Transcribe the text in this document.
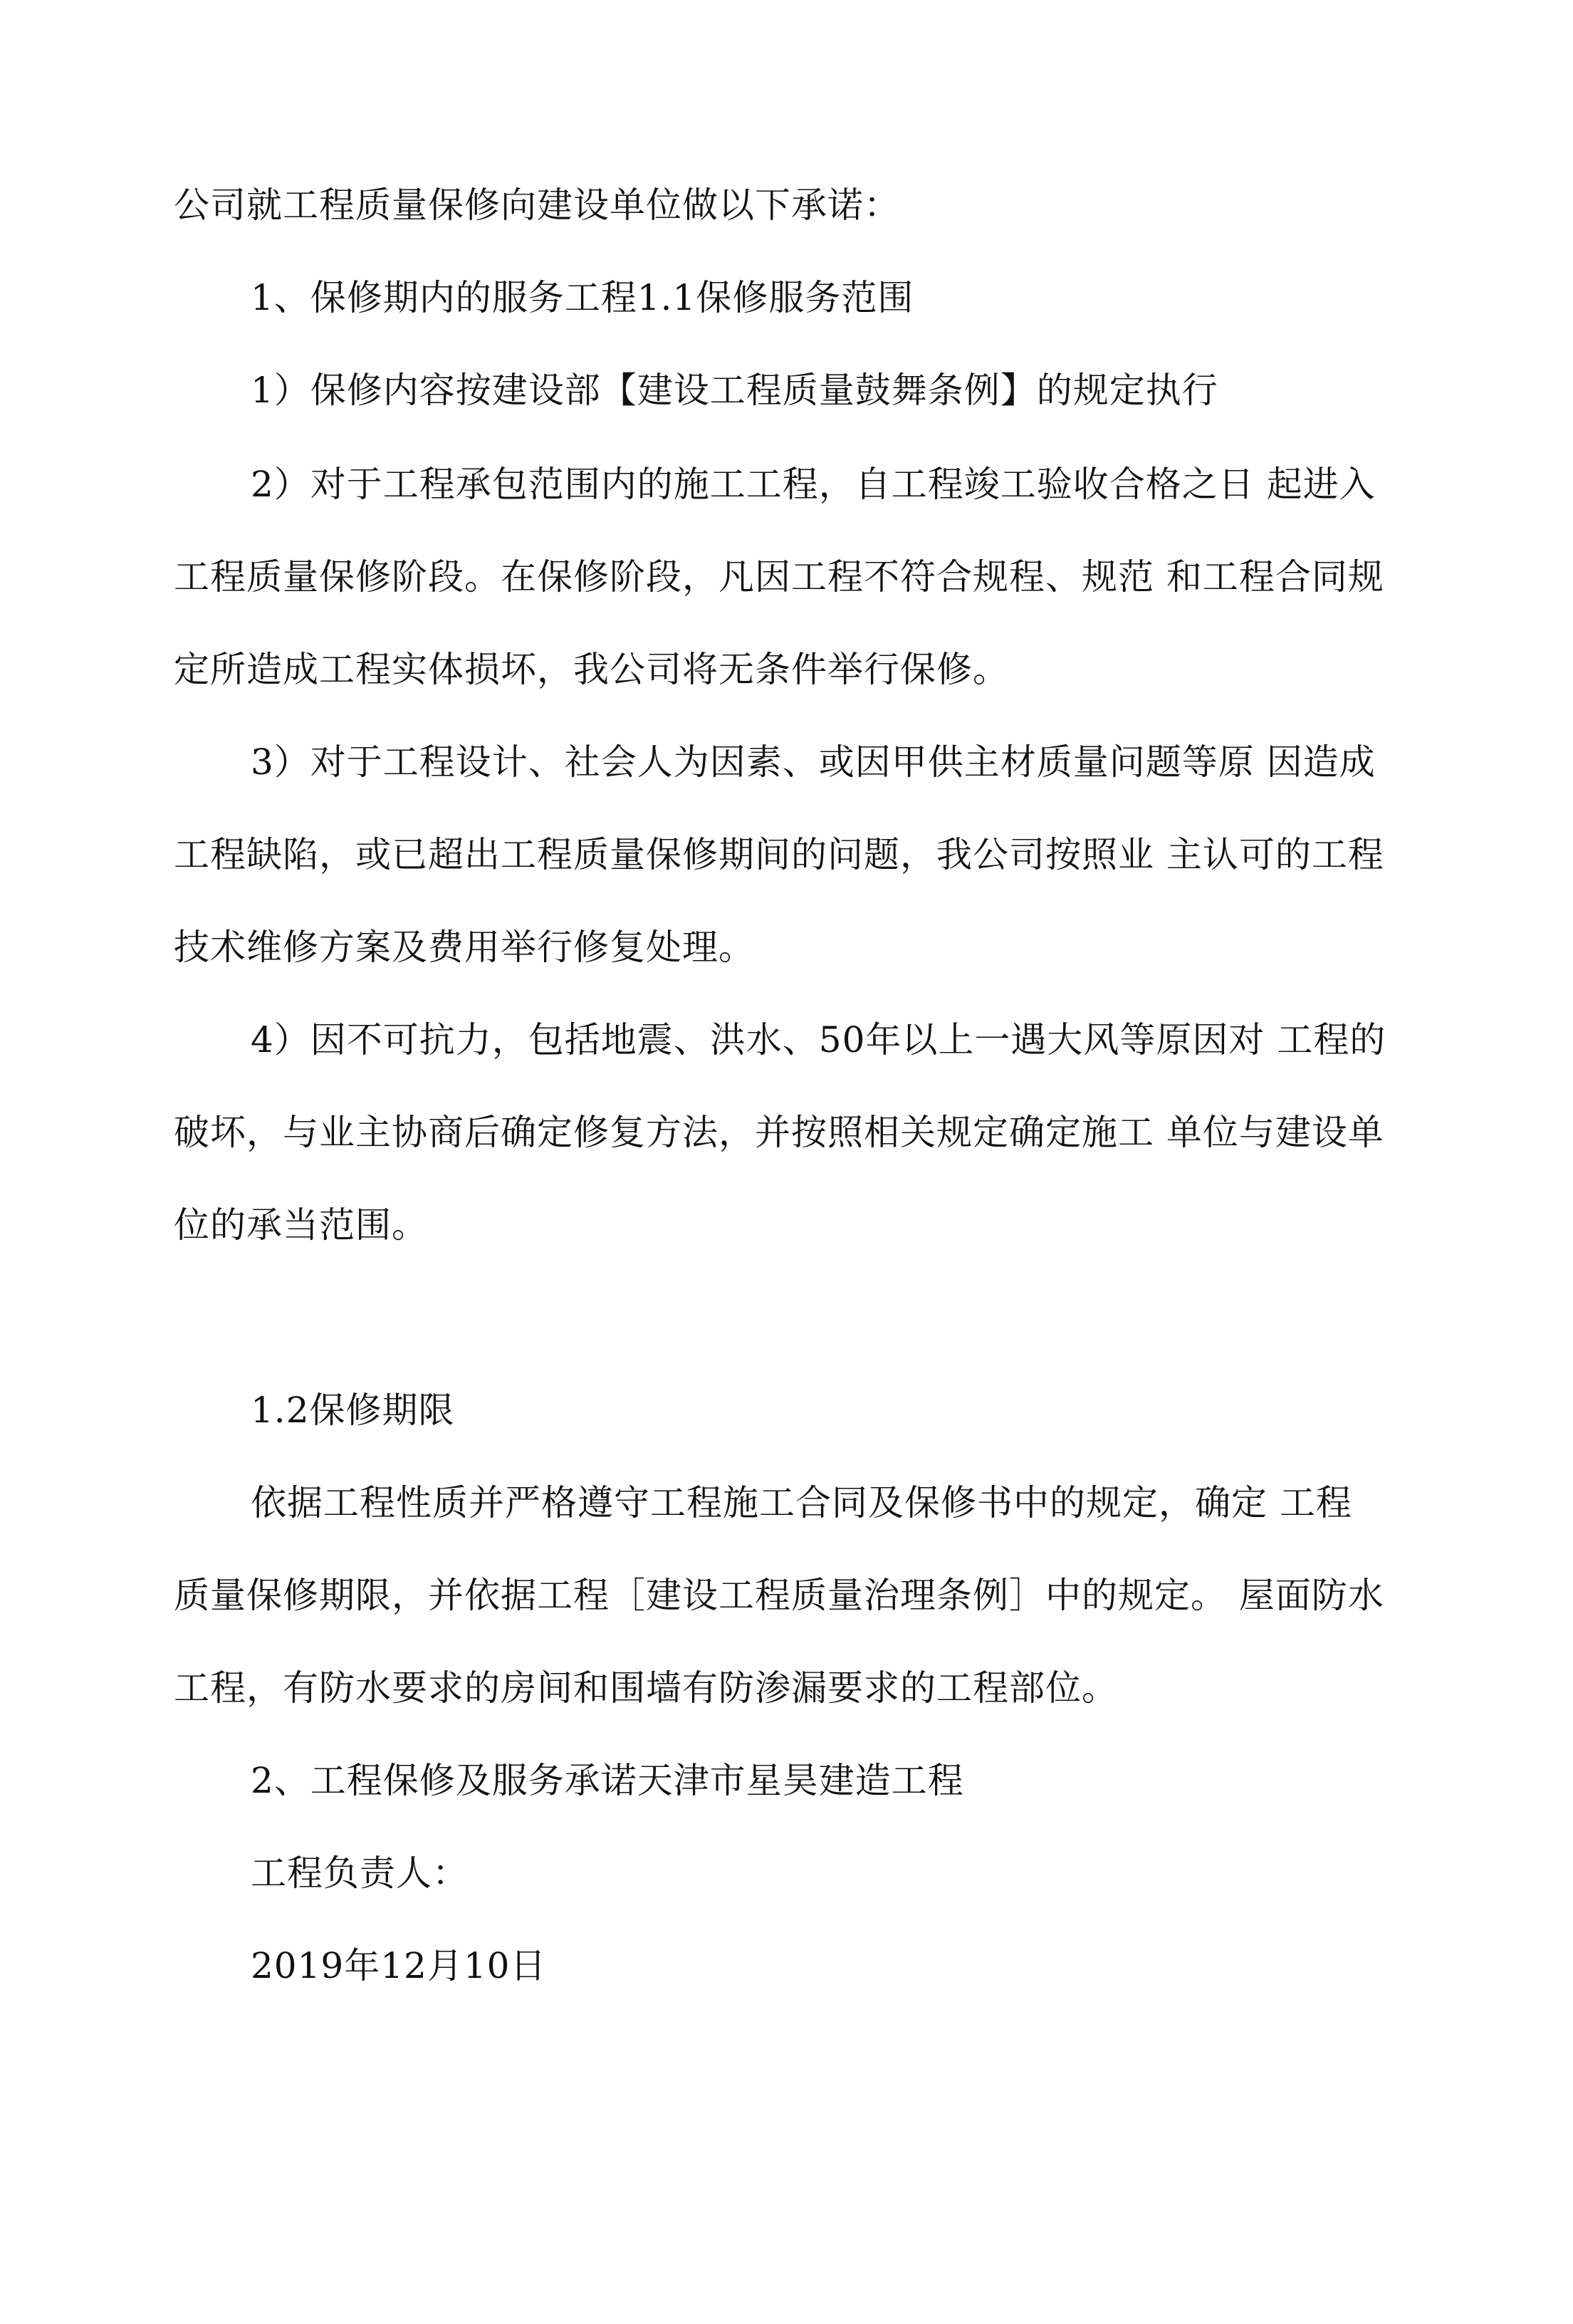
公司就工程质量保修向建设单位做以下承诺：
1、保修期内的服务工程1.1保修服务范围
1）保修内容按建设部【建设工程质量鼓舞条例】的规定执行
2）对于工程承包范围内的施工工程，自工程竣工验收合格之日 起进入
工程质量保修阶段。在保修阶段，凡因工程不符合规程、规范 和工程合同规
定所造成工程实体损坏，我公司将无条件举行保修。
3）对于工程设计、社会人为因素、或因甲供主材质量问题等原 因造成
工程缺陷，或已超出工程质量保修期间的问题，我公司按照业 主认可的工程
技术维修方案及费用举行修复处理。
4）因不可抗力，包括地震、洪水、50年以上一遇大风等原因对 工程的
破坏，与业主协商后确定修复方法，并按照相关规定确定施工 单位与建设单
位的承当范围。
1.2保修期限
依据工程性质并严格遵守工程施工合同及保修书中的规定，确定 工程
质量保修期限，并依据工程［建设工程质量治理条例］中的规定。 屋面防水
工程，有防水要求的房间和围墙有防渗漏要求的工程部位。
2、工程保修及服务承诺天津市星昊建造工程
工程负责人：
2019年12月10日
